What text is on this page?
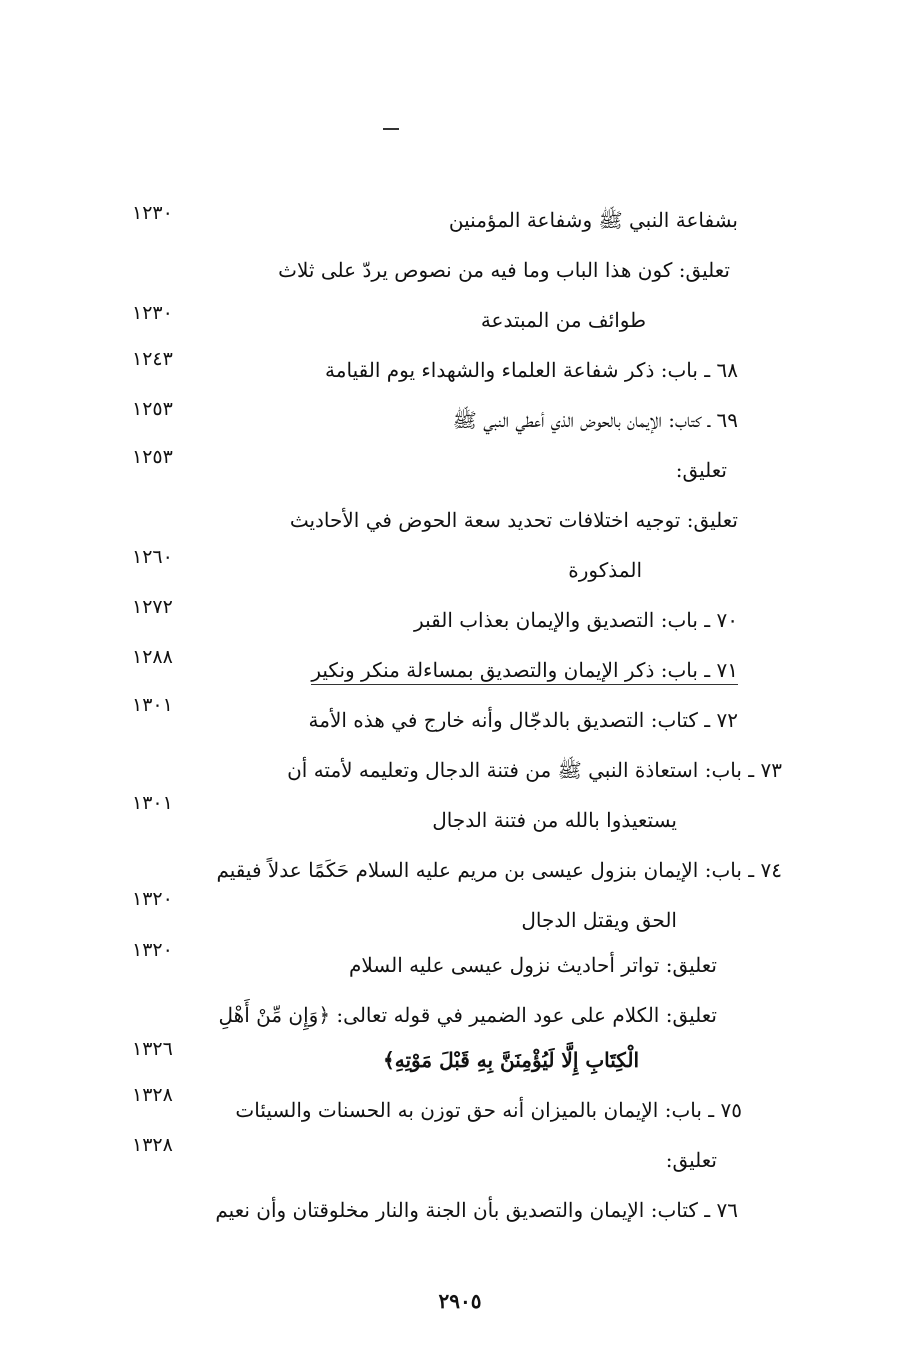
بشفاعة النبي ﷺ وشفاعة المؤمنين
١٢٣٠
تعليق: كون هذا الباب وما فيه من نصوص يردّ على ثلاث
طوائف من المبتدعة
١٢٣٠
٦٨ ـ باب: ذكر شفاعة العلماء والشهداء يوم القيامة
١٢٤٣
٦٩ ـ كتاب: الإيمان بالحوض الذي أعطي النبي ﷺ
١٢٥٣
تعليق:
١٢٥٣
تعليق: توجيه اختلافات تحديد سعة الحوض في الأحاديث
المذكورة
١٢٦٠
٧٠ ـ باب: التصديق والإيمان بعذاب القبر
١٢٧٢
٧١ ـ باب: ذكر الإيمان والتصديق بمساءلة منكر ونكير
١٢٨٨
٧٢ ـ كتاب: التصديق بالدجّال وأنه خارج في هذه الأمة
١٣٠١
٧٣ ـ باب: استعاذة النبي ﷺ من فتنة الدجال وتعليمه لأمته أن
يستعيذوا بالله من فتنة الدجال
١٣٠١
٧٤ ـ باب: الإيمان بنزول عيسى بن مريم عليه السلام حَكَمًا عدلاً فيقيم
الحق ويقتل الدجال
١٣٢٠
تعليق: تواتر أحاديث نزول عيسى عليه السلام
١٣٢٠
تعليق: الكلام على عود الضمير في قوله تعالى: ﴿وَإِن مِّنْ أَهْلِ
الْكِتَابِ إِلَّا لَيُؤْمِنَنَّ بِهِ قَبْلَ مَوْتِهِ﴾
١٣٢٦
٧٥ ـ باب: الإيمان بالميزان أنه حق توزن به الحسنات والسيئات
١٣٢٨
تعليق:
١٣٢٨
٧٦ ـ كتاب: الإيمان والتصديق بأن الجنة والنار مخلوقتان وأن نعيم
٢٩٠٥
